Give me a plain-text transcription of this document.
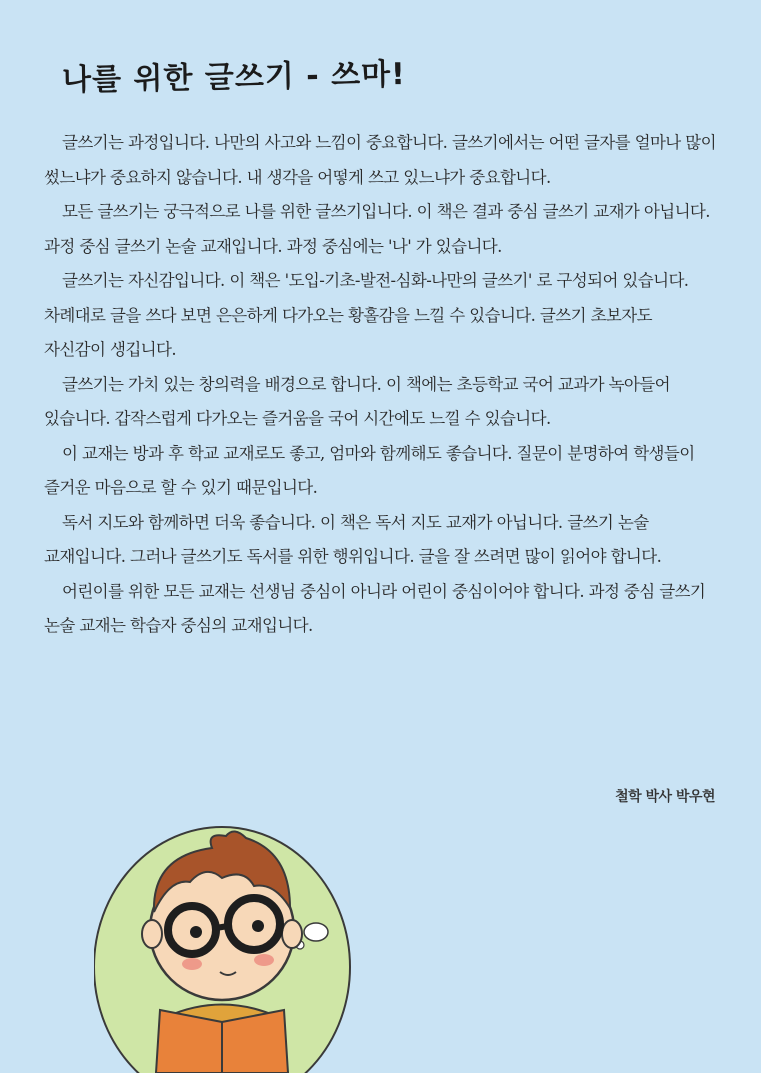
나를 위한 글쓰기 - 쓰마!

글쓰기는 과정입니다. 나만의 사고와 느낌이 중요합니다. 글쓰기에서는 어떤 글자를 얼마나 많이 썼느냐가 중요하지 않습니다. 내 생각을 어떻게 쓰고 있느냐가 중요합니다.

모든 글쓰기는 궁극적으로 나를 위한 글쓰기입니다. 이 책은 결과 중심 글쓰기 교재가 아닙니다. 과정 중심 글쓰기 논술 교재입니다. 과정 중심에는 '나' 가 있습니다.

글쓰기는 자신감입니다. 이 책은 '도입-기초-발전-심화-나만의 글쓰기' 로 구성되어 있습니다. 차례대로 글을 쓰다 보면 은은하게 다가오는 황홀감을 느낄 수 있습니다. 글쓰기 초보자도 자신감이 생깁니다.

글쓰기는 가치 있는 창의력을 배경으로 합니다. 이 책에는 초등학교 국어 교과가 녹아들어 있습니다. 갑작스럽게 다가오는 즐거움을 국어 시간에도 느낄 수 있습니다.

이 교재는 방과 후 학교 교재로도 좋고, 엄마와 함께해도 좋습니다. 질문이 분명하여 학생들이 즐거운 마음으로 할 수 있기 때문입니다.

독서 지도와 함께하면 더욱 좋습니다. 이 책은 독서 지도 교재가 아닙니다. 글쓰기 논술 교재입니다. 그러나 글쓰기도 독서를 위한 행위입니다. 글을 잘 쓰려면 많이 읽어야 합니다.

어린이를 위한 모든 교재는 선생님 중심이 아니라 어린이 중심이어야 합니다. 과정 중심 글쓰기 논술 교재는 학습자 중심의 교재입니다.

철학 박사 박우현
